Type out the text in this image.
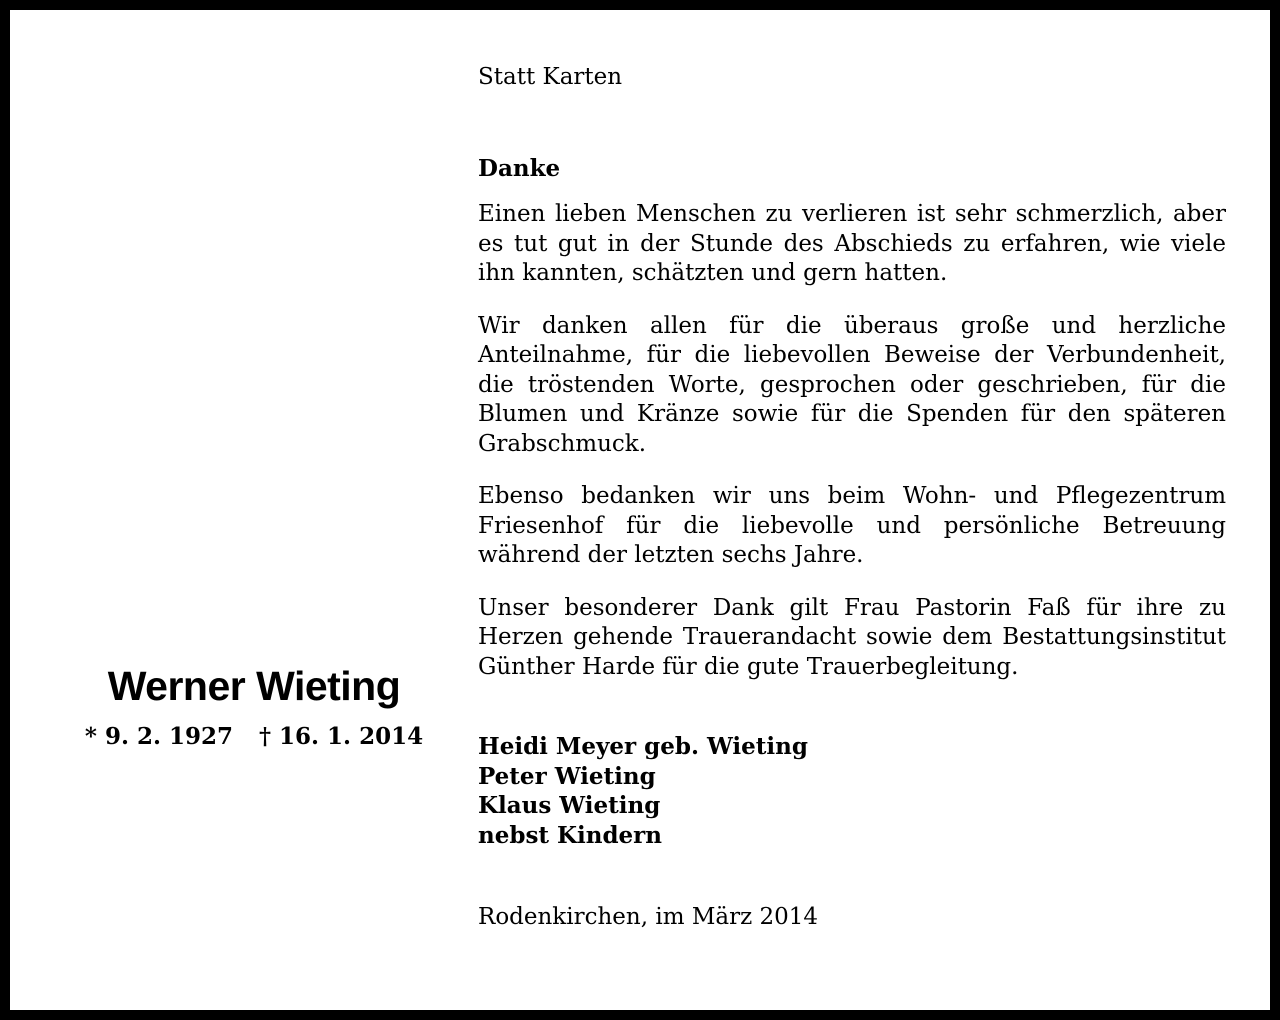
Werner Wieting
* 9. 2. 1927 † 16. 1. 2014
Statt Karten
Danke

Einen lieben Menschen zu verlieren ist sehr schmerzlich, aber es tut gut in der Stunde des Abschieds zu erfahren, wie viele ihn kannten, schätzten und gern hatten.

Wir danken allen für die überaus große und herzliche Anteilnahme, für die liebevollen Beweise der Verbundenheit, die tröstenden Worte, gesprochen oder geschrieben, für die Blumen und Kränze sowie für die Spenden für den späteren Grabschmuck.

Ebenso bedanken wir uns beim Wohn- und Pflegezentrum Friesenhof für die liebevolle und persönliche Betreuung während der letzten sechs Jahre.

Unser besonderer Dank gilt Frau Pastorin Faß für ihre zu Herzen gehende Trauerandacht sowie dem Bestattungsinstitut Günther Harde für die gute Trauerbegleitung.

Heidi Meyer geb. Wieting
Peter Wieting
Klaus Wieting
nebst Kindern
Rodenkirchen, im März 2014
